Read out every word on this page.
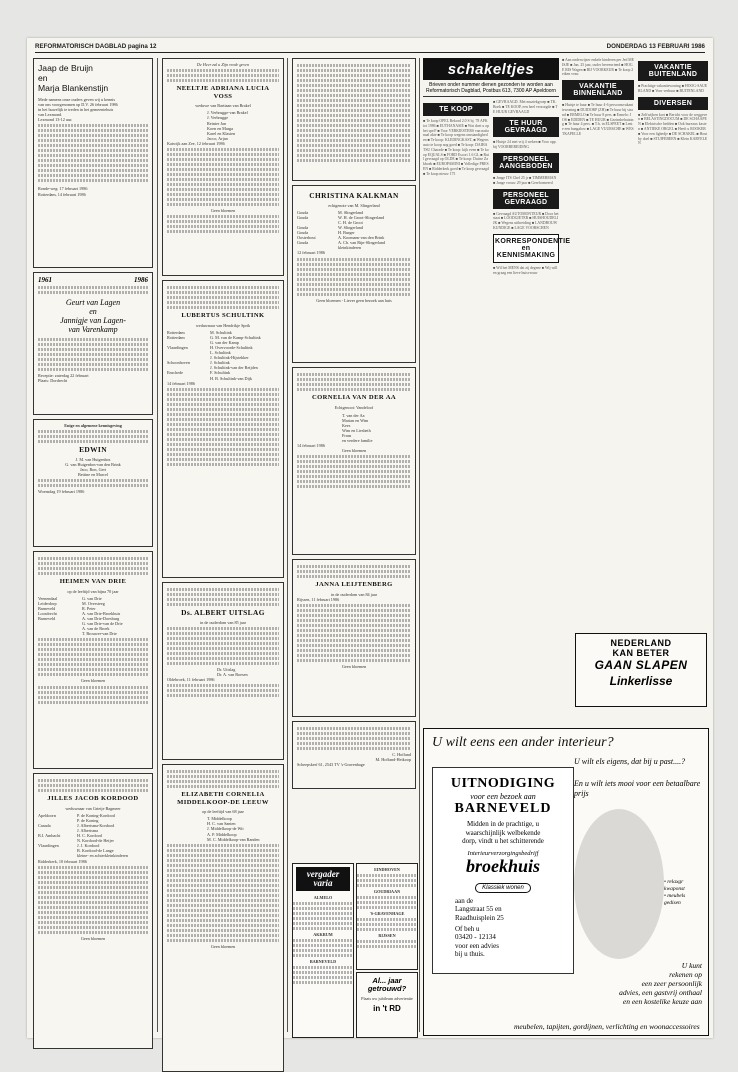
REFORMATORISCH DAGBLAD pagina 12	DONDERDAG 13 FEBRUARI 1986
Jaap de Bruijn
en
Marja Blankenstijn
Mede namens onze ouders geven wij u kennis
van ons voorgenomen op D.V. 26 februari 1986
in het huwelijk te treden in het gemeentehuis
van Lexmond.
Lexmond 13-12 uur.
Ronde-weg: 17 februari 1986
Rotterdam, 14 februari 1986
1961	1986
Geurt van Lagen
en
Jannigje van Lagen-
van Varenkamp
Receptie: zaterdag 22 februari
Plaats: Dordrecht
Enige en algemene kennisgeving
EDWIN
J. M. van Huigenbos
G. van Huigenbos-van den Brink
Jaco, Ron, Gert
Bettine en Marcel
Woensdag 19 februari 1986
HEIMEN VAN DRIE
op de leeftijd van bijna 70 jaar
Veenendaal
Leiderdorp
Barneveld
Loosdrecht
Barneveld
G. van Drie
M. Oversteeg
R. Peter
A. van Drie-Broekhuis
A. van Drie-Doesburg
G. van Drie-van de Drie
A. van de Broek
T. Brouwer-van Drie
Geen bloemen
JILLES JACOB KORDOOD
weduwnaar van Grietje Bagmeer
Apeldoorn

Canada

B.I. Ambacht

Vlaardingen
P. de Koning-Kordood
P. de Koning
J. Albertsma-Kordood
J. Albertsma
H. C. Kordood
N. Kordood-de Heijer
J. J. Kordood
B. Kordood-de Lange
kleine- en achterkleinkinderen
Ridderkerk, 10 februari 1986
Geen bloemen
De Heer zal u Zijn vrede geven
NEELTJE ADRIANA LUCIA VOSS
weduwe van Bartiaan van Brakel
J. Verbrugge-van Brakel
J. Verbrugge
Reinier Jan
Koen en Marga
Karel en Klasien
Jacco, Arjan
Katwijk aan Zee, 12 februari 1986
Geen bloemen
LUBERTUS SCHULTINK
weduwnaar van Hendrikje Sprik
Rotterdam
Rotterdam

Vlaardingen

Schoonhoven

Enschede
M. Schultink
G. M. van de Kamp-Schultink
G. van der Kamp
H. Overvoorde-Schultink
L. Schultink
J. Schultink-Hijstekker
J. Schultink
J. Schultink-van der Reijden
F. Schultink
H. B. Schultink-van Dijk
14 februari 1986
Ds. ALBERT UITSLAG
in de ouderdom van 85 jaar
Dr. Uitslag
Dr. A. van Boesen
Oldebroek, 11 februari 1986
ELIZABETH CORNELIA MIDDELKOOP-DE LEEUW
op de leeftijd van 68 jaar
T. Middelkoop
H. C. van Santen
J. Middelkoop-de Wit
A. P. Middelkoop
M. C. Middelkoop-van Randen
Geen bloemen
CHRISTINA KALKMAN
echtgenote van M. Slingerland
Gouda
Gouda

Gouda
Gouda
Oosterhout
Gouda
M. Slingerland
W. H. de Groot-Slingerland
C. H. de Groot
W. Slingerland
H. Burger
A. Koomans-van den Brink
A. Ch. van Rijn-Slingerland
kleinkinderen
12 februari 1986
Geen bloemen - Liever geen bezoek aan huis
CORNELIA VAN DER AA
Echtgenoot: Vandeloof
T. van der Aa
Marian en Wim
Kees
Wim en Liesbeth
Frans
en verdere familie
14 februari 1986
Geen bloemen
JANNA LEIJTENBERG
in de ouderdom van 84 jaar
Rijssen, 11 februari 1986
Geen bloemen
C. Hoffand
M. Hoffand-Heikoop
Scheepskerf 61, 2543 TV 's-Gravenhage
vergader varia
ALMELO
AKKRUM
BARNEVELD
EINDHOVEN
GOUDRIAAN
'S-GRAVENHAGE
RIJSSEN
Al... jaar getrouwd?
Plaats uw jubileum advertentie
in 't RD
schakeltjes
Brieven onder nummer dienen gezonden te worden aan Reformatorisch Dagblad, Postbus 613, 7300 AP Apeldoorn
TE KOOP
■ Te koop OPEL Rekord 2.0 S bj. 78 APK tot 1986 ■ EUTHANASIE ■ Wat doet u op het spel? ■ Voor VERKIESTERS van nationaal akte ■ Te koop wegens omstandigheden ■ Te koop: KLEDINGKAST, ■ Wegens auto te koop nog goed ■ Te koop: DAIHATSU Charade ■ Te koop: kijk even ■ Te koop EQUALS ■ FORD Escort 1.6 GL ■ Ruil gevraagd op OLDE ■ Te koop: Duitse Zakboek ■ EUROPAMINI ■ Volledige PRESEN ■ Ridderkerk goed ■ Te koop gevraagd ■ Te koop nieuw 175
■ GEVRAAGD. Met muziekgroep ■ TK. Boek ■ TE KOOP, een heel verzorgde ■ TE HUUR GEVRAAGD
TE HUUR GEVRAAGD
■ Huisje 24 met vrij 4 weken ■ Voor opp. bij VOORBEREIDING
PERSONEEL AANGEBODEN
■ Jonge ITS Chef 25 jr ■ TIMMERMAN ■ Jonge vrouw 29 jaar ■ Gereformeerd
PERSONEEL GEVRAAGD
■ Gevraagd AUTOMONTEUR ■ Door het staat ■ LOODGIETER ■ HUISHOUDELIJK ■ Wegens uitbreiding ■ LANDBOUWKUNDIGE ■ LAGE VOORSCHEN
KORRESPONDENTIE en KENNISMAKING
■ Wil het MENS dat zij degene ■ Wij willen graag een lieve huisvrouw
■ Aan onderwijzer enkele kinderen per Jed MEISJE ■ Jan. 25 jaar, ouder herenvriend ■ HOGE RIS Wagen ■ BIJ VOORKEUR ■ Te koop 2 eiken veau
VAKANTIE BINNENLAND
■ Huisje te huur ■ Te huur 4-6 persoonsvakantiewoning ■ DUIDORP (ZH) ■ Te huur bij strand ■ ERMELO ■ Te huur 8 pers. ■ Ermelo: JOS ■ EDIDEN ■ TE HUUR ■ Gezinsbehuizing ■ Te huur 4 pers. ■ T.h. in ELSPEET ■ Lenie een bungalow ■ LAGE VUURSCHE ■ WESTKAPELLE
VAKANTIE BUITENLAND
■ Prachtige vakantiewoning ■ HOOG-SAUERLAND ■ Voor verhuur ■ BUITENLAND
DIVERSEN
■ Zelfwijken kort ■ Bericht voor de weggeven ■ BELASTINGDOCUM ■ DE SCHAAPEN ■ Elektrische bedden ■ Ook bureaux kasten ■ ANTIEKE ORGEL ■ Heeft u ROOKER ■ Voor een ligbedje ■ DE SCHAKEL ■ Hout by doel ■ STUIFEBEEN ■ Klein KARVELEN
NEDERLAND
KAN BETER
GAAN SLAPEN
Linkerlisse
U wilt eens een ander interieur?
U wilt els eigens, dat bij u past....?
En u wilt iets mooi voor een betaalbare prijs
UITNODIGING
voor een bezoek aan
BARNEVELD
Midden in de prachtige, u
waarschijnlijk welbekende
dorp, vindt u het schitterende
Interieurverzorgingsbedrijf
broekhuis
Klassiek wonen
aan de
Langstraat 55 en
Raadhuisplein 25
Of beh u
03420 - 12134
voor een advies
bij u thuis.
• relaxgr
kwaponst
• meubels
gedisen
U kunt
rekenen op
een zeer persoonlijk
advies, een gastvrij onthaal
en een kostelike keuze aan
meubelen, tapijten, gordijnen, verlichting en woonaccessoires
